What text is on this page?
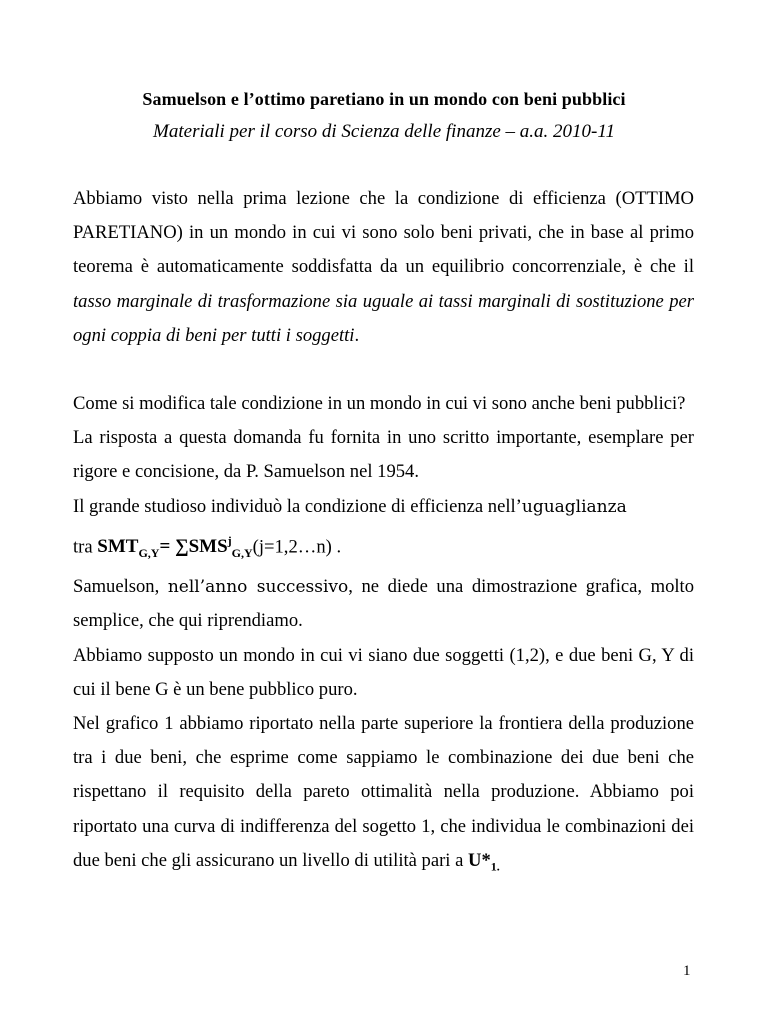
Samuelson e l’ottimo paretiano in un mondo con beni pubblici
Materiali per il corso di Scienza delle finanze – a.a. 2010-11

Abbiamo visto nella prima lezione che la condizione di efficienza (OTTIMO PARETIANO) in un mondo in cui vi sono solo beni privati, che in base al primo teorema è automaticamente soddisfatta da un equilibrio concorrenziale, è che il tasso marginale di trasformazione sia uguale ai tassi marginali di sostituzione per ogni coppia di beni per tutti i soggetti.

Come si modifica tale condizione in un mondo in cui vi sono anche beni pubblici?

La risposta a questa domanda fu fornita in uno scritto importante, esemplare per rigore e concisione, da P. Samuelson nel 1954.

Il grande studioso individuò la condizione di efficienza nell’uguaglianza
tra $SMT_{G,Y}=$ $\sum SMS^j_{G,Y}(j=1,2\dots n)$ .

Samuelson, nell’anno successivo, ne diede una dimostrazione grafica, molto semplice, che qui riprendiamo.

Abbiamo supposto un mondo in cui vi siano due soggetti (1,2), e due beni G, Y di cui il bene G è un bene pubblico puro.

Nel grafico 1 abbiamo riportato nella parte superiore la frontiera della produzione tra i due beni, che esprime come sappiamo le combinazione dei due beni che rispettano il requisito della pareto ottimalità nella produzione. Abbiamo poi riportato una curva di indifferenza del sogetto 1, che individua le combinazioni dei due beni che gli assicurano un livello di utilità pari a $U*_{1.}$

1
